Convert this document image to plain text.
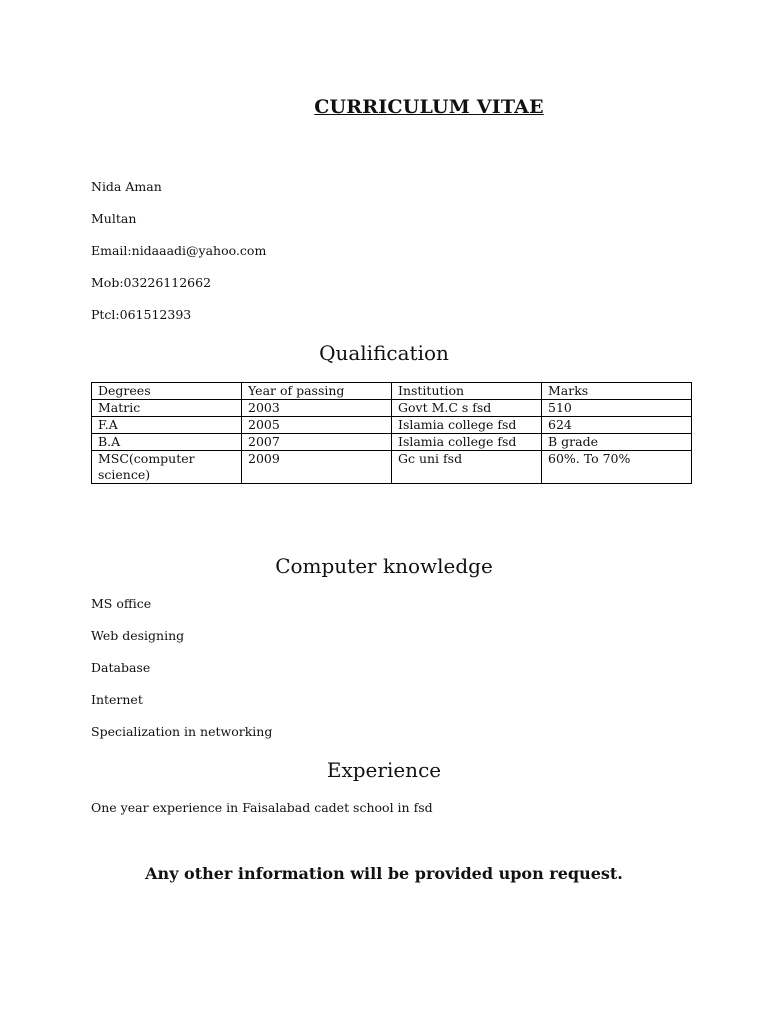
CURRICULUM VITAE
Nida Aman
Multan
Email:nidaaadi@yahoo.com
Mob:03226112662
Ptcl:061512393
Qualification
Degrees	Year of passing	Institution	Marks
Matric	2003	Govt M.C s fsd	510
F.A	2005	Islamia college fsd	624
B.A	2007	Islamia college fsd	B grade
MSC(computer science)	2009	Gc uni fsd	60%. To 70%
Computer knowledge
MS office
Web designing
Database
Internet
Specialization in networking
Experience
One year experience in Faisalabad cadet school in fsd
Any other information will be provided upon request.
